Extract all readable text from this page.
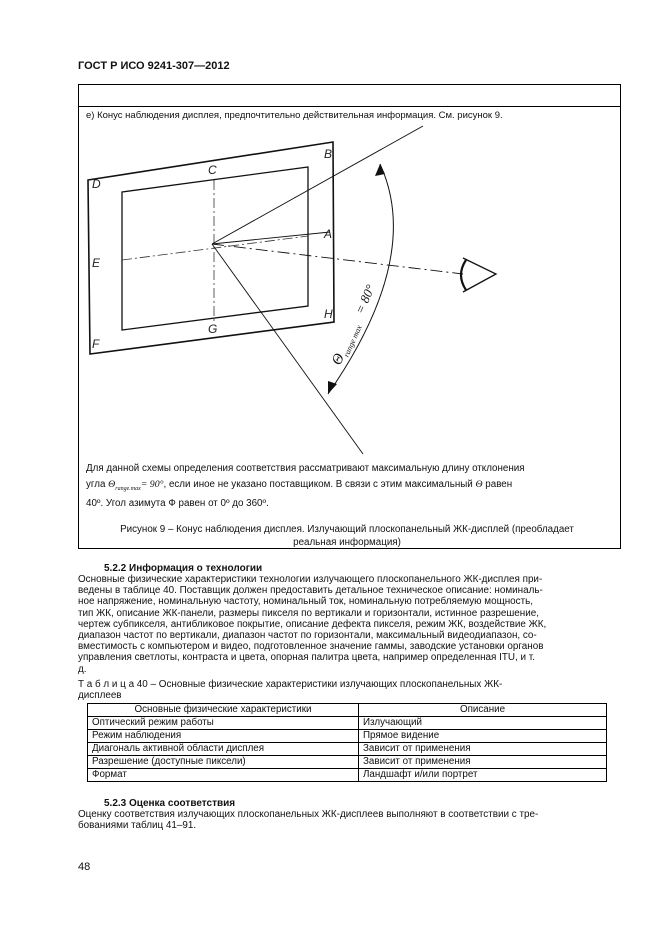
ГОСТ Р ИСО 9241-307—2012
е) Конус наблюдения дисплея, предпочтительно действительная информация. См. рисунок 9.
B
C
D
A
E
H
G
F
Θ
range max
= 80°
Для данной схемы определения соответствия рассматривают максимальную длину отклонения
угла $\Theta_{range.max}= 90^\circ$, если иное не указано поставщиком. В связи с этим максимальный Θ равен
40º. Угол азимута Ф равен от 0º до 360º.
Рисунок 9 – Конус наблюдения дисплея. Излучающий плоскопанельный ЖК-дисплей (преобладает
реальная информация)
5.2.2 Информация о технологии
Основные физические характеристики технологии излучающего плоскопанельного ЖК-дисплея при-
ведены в таблице 40. Поставщик должен предоставить детальное техническое описание: номиналь-
ное напряжение, номинальную частоту, номинальный ток, номинальную потребляемую мощность,
тип ЖК, описание ЖК-панели, размеры пикселя по вертикали и горизонтали, истинное разрешение,
чертеж субпикселя, антибликовое покрытие, описание дефекта пикселя, режим ЖК, воздействие ЖК,
диапазон частот по вертикали, диапазон частот по горизонтали, максимальный видеодиапазон, со-
вместимость с компьютером и видео, подготовленное значение гаммы, заводские установки органов
управления светлоты, контраста и цвета, опорная палитра цвета, например определенная ITU, и т.
д.
Т а б л и ц а 40 – Основные физические характеристики излучающих плоскопанельных ЖК-
дисплеев
Основные физические характеристики	Описание
Оптический режим работы	Излучающий
Режим наблюдения	Прямое видение
Диагональ активной области дисплея	Зависит от применения
Разрешение (доступные пиксели)	Зависит от применения
Формат	Ландшафт и/или портрет
5.2.3 Оценка соответствия
Оценку соответствия излучающих плоскопанельных ЖК-дисплеев выполняют в соответствии с тре-
бованиями таблиц 41–91.
48
